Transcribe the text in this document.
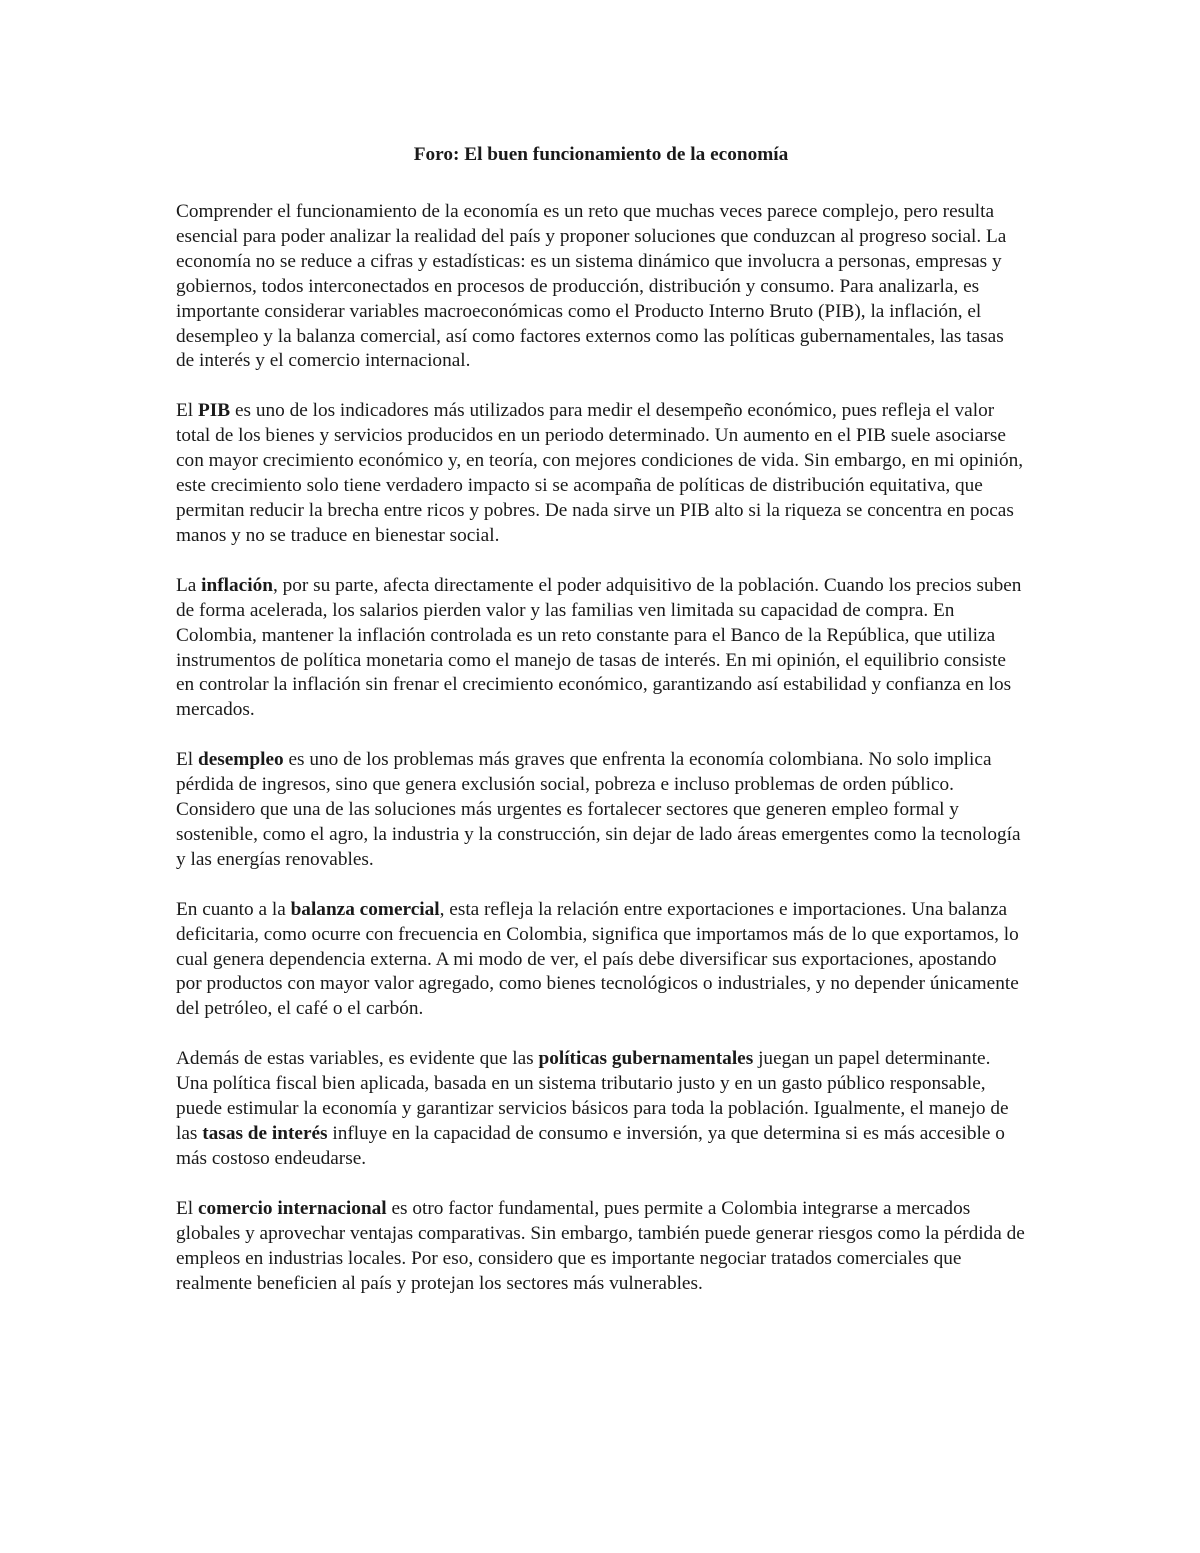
Foro: El buen funcionamiento de la economía

Comprender el funcionamiento de la economía es un reto que muchas veces parece complejo, pero resulta esencial para poder analizar la realidad del país y proponer soluciones que conduzcan al progreso social. La economía no se reduce a cifras y estadísticas: es un sistema dinámico que involucra a personas, empresas y gobiernos, todos interconectados en procesos de producción, distribución y consumo. Para analizarla, es importante considerar variables macroeconómicas como el Producto Interno Bruto (PIB), la inflación, el desempleo y la balanza comercial, así como factores externos como las políticas gubernamentales, las tasas de interés y el comercio internacional.

El PIB es uno de los indicadores más utilizados para medir el desempeño económico, pues refleja el valor total de los bienes y servicios producidos en un periodo determinado. Un aumento en el PIB suele asociarse con mayor crecimiento económico y, en teoría, con mejores condiciones de vida. Sin embargo, en mi opinión, este crecimiento solo tiene verdadero impacto si se acompaña de políticas de distribución equitativa, que permitan reducir la brecha entre ricos y pobres. De nada sirve un PIB alto si la riqueza se concentra en pocas manos y no se traduce en bienestar social.

La inflación, por su parte, afecta directamente el poder adquisitivo de la población. Cuando los precios suben de forma acelerada, los salarios pierden valor y las familias ven limitada su capacidad de compra. En Colombia, mantener la inflación controlada es un reto constante para el Banco de la República, que utiliza instrumentos de política monetaria como el manejo de tasas de interés. En mi opinión, el equilibrio consiste en controlar la inflación sin frenar el crecimiento económico, garantizando así estabilidad y confianza en los mercados.

El desempleo es uno de los problemas más graves que enfrenta la economía colombiana. No solo implica pérdida de ingresos, sino que genera exclusión social, pobreza e incluso problemas de orden público. Considero que una de las soluciones más urgentes es fortalecer sectores que generen empleo formal y sostenible, como el agro, la industria y la construcción, sin dejar de lado áreas emergentes como la tecnología y las energías renovables.

En cuanto a la balanza comercial, esta refleja la relación entre exportaciones e importaciones. Una balanza deficitaria, como ocurre con frecuencia en Colombia, significa que importamos más de lo que exportamos, lo cual genera dependencia externa. A mi modo de ver, el país debe diversificar sus exportaciones, apostando por productos con mayor valor agregado, como bienes tecnológicos o industriales, y no depender únicamente del petróleo, el café o el carbón.

Además de estas variables, es evidente que las políticas gubernamentales juegan un papel determinante. Una política fiscal bien aplicada, basada en un sistema tributario justo y en un gasto público responsable, puede estimular la economía y garantizar servicios básicos para toda la población. Igualmente, el manejo de las tasas de interés influye en la capacidad de consumo e inversión, ya que determina si es más accesible o más costoso endeudarse.

El comercio internacional es otro factor fundamental, pues permite a Colombia integrarse a mercados globales y aprovechar ventajas comparativas. Sin embargo, también puede generar riesgos como la pérdida de empleos en industrias locales. Por eso, considero que es importante negociar tratados comerciales que realmente beneficien al país y protejan los sectores más vulnerables.
